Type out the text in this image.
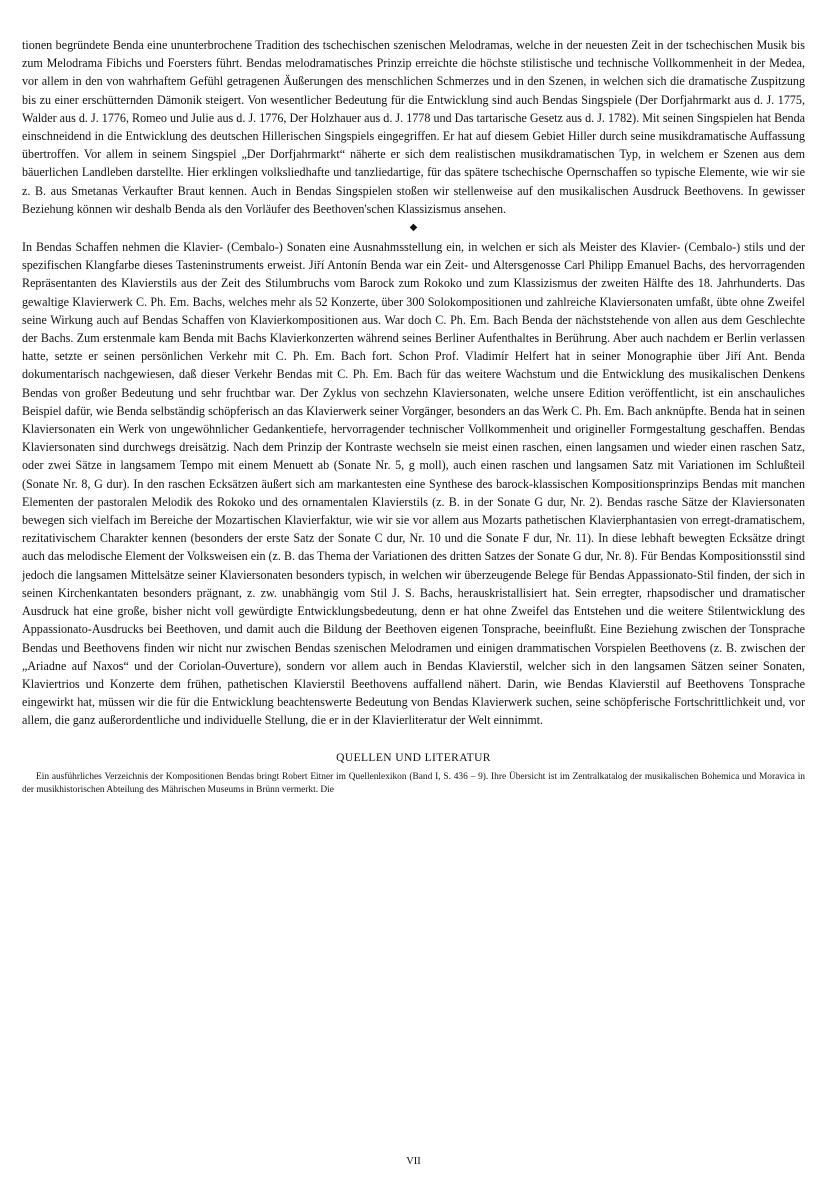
tionen begründete Benda eine ununterbrochene Tradition des tschechischen szenischen Melodramas, welche in der neuesten Zeit in der tschechischen Musik bis zum Melodrama Fibichs und Foersters führt. Bendas melodramatisches Prinzip erreichte die höchste stilistische und technische Vollkommenheit in der Medea, vor allem in den von wahrhaftem Gefühl getragenen Äußerungen des menschlichen Schmerzes und in den Szenen, in welchen sich die dramatische Zuspitzung bis zu einer erschütternden Dämonik steigert. Von wesentlicher Bedeutung für die Entwicklung sind auch Bendas Singspiele (Der Dorfjahrmarkt aus d. J. 1775, Walder aus d. J. 1776, Romeo und Julie aus d. J. 1776, Der Holzhauer aus d. J. 1778 und Das tartarische Gesetz aus d. J. 1782). Mit seinen Singspielen hat Benda einschneidend in die Entwicklung des deutschen Hillerischen Singspiels eingegriffen. Er hat auf diesem Gebiet Hiller durch seine musikdramatische Auffassung übertroffen. Vor allem in seinem Singspiel „Der Dorfjahrmarkt“ näherte er sich dem realistischen musikdramatischen Typ, in welchem er Szenen aus dem bäuerlichen Landleben darstellte. Hier erklingen volksliedhafte und tanzliedartige, für das spätere tschechische Opernschaffen so typische Elemente, wie wir sie z. B. aus Smetanas Verkaufter Braut kennen. Auch in Bendas Singspielen stoßen wir stellenweise auf den musikalischen Ausdruck Beethovens. In gewisser Beziehung können wir deshalb Benda als den Vorläufer des Beethoven'schen Klassizismus ansehen.

◆

In Bendas Schaffen nehmen die Klavier- (Cembalo-) Sonaten eine Ausnahmsstellung ein, in welchen er sich als Meister des Klavier- (Cembalo-) stils und der spezifischen Klangfarbe dieses Tasteninstruments erweist. Jiří Antonín Benda war ein Zeit- und Altersgenosse Carl Philipp Emanuel Bachs, des hervorragenden Repräsentanten des Klavierstils aus der Zeit des Stilumbruchs vom Barock zum Rokoko und zum Klassizismus der zweiten Hälfte des 18. Jahrhunderts. Das gewaltige Klavierwerk C. Ph. Em. Bachs, welches mehr als 52 Konzerte, über 300 Solokompositionen und zahlreiche Klaviersonaten umfaßt, übte ohne Zweifel seine Wirkung auch auf Bendas Schaffen von Klavierkompositionen aus. War doch C. Ph. Em. Bach Benda der nächststehende von allen aus dem Geschlechte der Bachs. Zum erstenmale kam Benda mit Bachs Klavierkonzerten während seines Berliner Aufenthaltes in Berührung. Aber auch nachdem er Berlin verlassen hatte, setzte er seinen persönlichen Verkehr mit C. Ph. Em. Bach fort. Schon Prof. Vladimír Helfert hat in seiner Monographie über Jiří Ant. Benda dokumentarisch nachgewiesen, daß dieser Verkehr Bendas mit C. Ph. Em. Bach für das weitere Wachstum und die Entwicklung des musikalischen Denkens Bendas von großer Bedeutung und sehr fruchtbar war. Der Zyklus von sechzehn Klaviersonaten, welche unsere Edition veröffentlicht, ist ein anschauliches Beispiel dafür, wie Benda selbständig schöpferisch an das Klavierwerk seiner Vorgänger, besonders an das Werk C. Ph. Em. Bach anknüpfte. Benda hat in seinen Klaviersonaten ein Werk von ungewöhnlicher Gedankentiefe, hervorragender technischer Vollkommenheit und origineller Formgestaltung geschaffen. Bendas Klaviersonaten sind durchwegs dreisätzig. Nach dem Prinzip der Kontraste wechseln sie meist einen raschen, einen langsamen und wieder einen raschen Satz, oder zwei Sätze in langsamem Tempo mit einem Menuett ab (Sonate Nr. 5, g moll), auch einen raschen und langsamen Satz mit Variationen im Schlußteil (Sonate Nr. 8, G dur). In den raschen Ecksätzen äußert sich am markantesten eine Synthese des barock-klassischen Kompositionsprinzips Bendas mit manchen Elementen der pastoralen Melodik des Rokoko und des ornamentalen Klavierstils (z. B. in der Sonate G dur, Nr. 2). Bendas rasche Sätze der Klaviersonaten bewegen sich vielfach im Bereiche der Mozartischen Klavierfaktur, wie wir sie vor allem aus Mozarts pathetischen Klavierphantasien von erregt-dramatischem, rezitativischem Charakter kennen (besonders der erste Satz der Sonate C dur, Nr. 10 und die Sonate F dur, Nr. 11). In diese lebhaft bewegten Ecksätze dringt auch das melodische Element der Volksweisen ein (z. B. das Thema der Variationen des dritten Satzes der Sonate G dur, Nr. 8). Für Bendas Kompositionsstil sind jedoch die langsamen Mittelsätze seiner Klaviersonaten besonders typisch, in welchen wir überzeugende Belege für Bendas Appassionato-Stil finden, der sich in seinen Kirchenkantaten besonders prägnant, z. zw. unabhängig vom Stil J. S. Bachs, herauskristallisiert hat. Sein erregter, rhapsodischer und dramatischer Ausdruck hat eine große, bisher nicht voll gewürdigte Entwicklungsbedeutung, denn er hat ohne Zweifel das Entstehen und die weitere Stilentwicklung des Appassionato-Ausdrucks bei Beethoven, und damit auch die Bildung der Beethoven eigenen Tonsprache, beeinflußt. Eine Beziehung zwischen der Tonsprache Bendas und Beethovens finden wir nicht nur zwischen Bendas szenischen Melodramen und einigen drammatischen Vorspielen Beethovens (z. B. zwischen der „Ariadne auf Naxos“ und der Coriolan-Ouverture), sondern vor allem auch in Bendas Klavierstil, welcher sich in den langsamen Sätzen seiner Sonaten, Klaviertrios und Konzerte dem frühen, pathetischen Klavierstil Beethovens auffallend nähert. Darin, wie Bendas Klavierstil auf Beethovens Tonsprache eingewirkt hat, müssen wir die für die Entwicklung beachtenswerte Bedeutung von Bendas Klavierwerk suchen, seine schöpferische Fortschrittlichkeit und, vor allem, die ganz außerordentliche und individuelle Stellung, die er in der Klavierliteratur der Welt einnimmt.

QUELLEN UND LITERATUR

Ein ausführliches Verzeichnis der Kompositionen Bendas bringt Robert Eitner im Quellenlexikon (Band I, S. 436 – 9). Ihre Übersicht ist im Zentralkatalog der musikalischen Bohemica und Moravica in der musikhistorischen Abteilung des Mährischen Museums in Brünn vermerkt. Die

VII
